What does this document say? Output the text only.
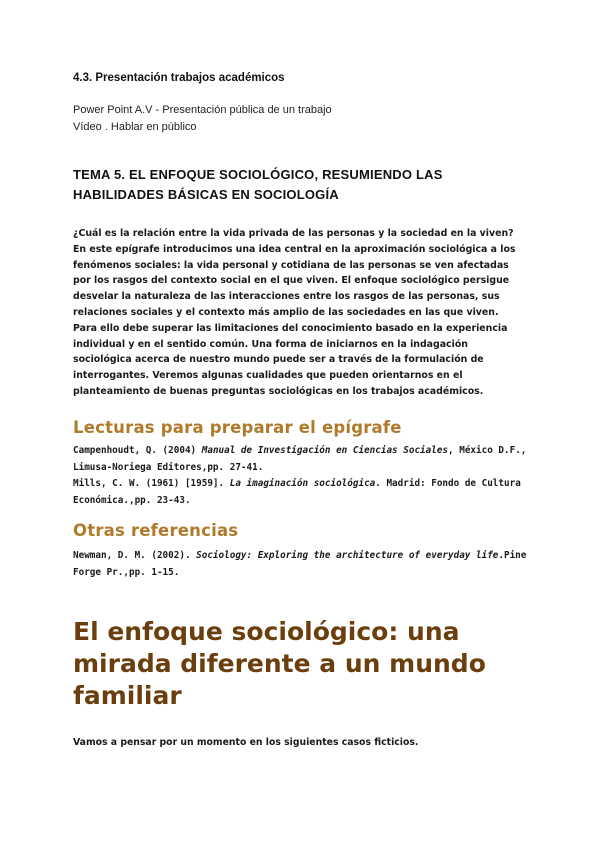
4.3. Presentación trabajos académicos
Power Point A.V - Presentación pública de un trabajo
Vídeo . Hablar en público
TEMA 5. EL ENFOQUE SOCIOLÓGICO, RESUMIENDO LAS
HABILIDADES BÁSICAS EN SOCIOLOGÍA

¿Cuál es la relación entre la vida privada de las personas y la sociedad en la viven?
En este epígrafe introducimos una idea central en la aproximación sociológica a los
fenómenos sociales: la vida personal y cotidiana de las personas se ven afectadas
por los rasgos del contexto social en el que viven. El enfoque sociológico persigue
desvelar la naturaleza de las interacciones entre los rasgos de las personas, sus
relaciones sociales y el contexto más amplio de las sociedades en las que viven.
Para ello debe superar las limitaciones del conocimiento basado en la experiencia
individual y en el sentido común. Una forma de iniciarnos en la indagación
sociológica acerca de nuestro mundo puede ser a través de la formulación de
interrogantes. Veremos algunas cualidades que pueden orientarnos en el
planteamiento de buenas preguntas sociológicas en los trabajos académicos.

Lecturas para preparar el epígrafe

Campenhoudt, Q. (2004) Manual de Investigación en Ciencias Sociales, México D.F.,
Limusa-Noriega Editores,pp. 27-41.

Mills, C. W. (1961) [1959]. La imaginación sociológica. Madrid: Fondo de Cultura
Económica.,pp. 23-43.

Otras referencias

Newman, D. M. (2002). Sociology: Exploring the architecture of everyday life.Pine
Forge Pr.,pp. 1-15.

El enfoque sociológico: una
mirada diferente a un mundo
familiar

Vamos a pensar por un momento en los siguientes casos ficticios.
